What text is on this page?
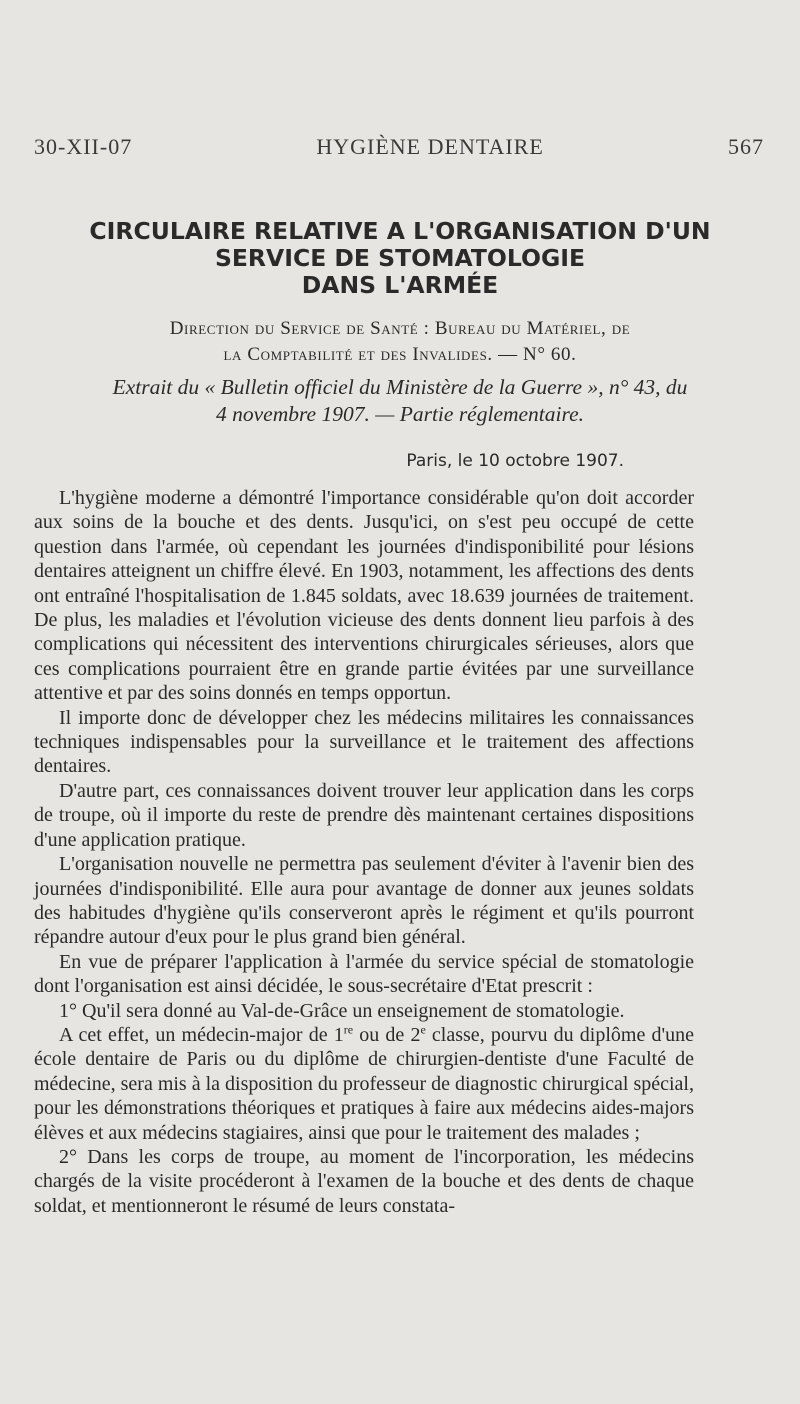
30-XII-07	HYGIÈNE DENTAIRE	567
CIRCULAIRE RELATIVE A L'ORGANISATION D'UN
SERVICE DE STOMATOLOGIE
DANS L'ARMÉE
Direction du Service de Santé : Bureau du Matériel, de
la Comptabilité et des Invalides. — N° 60.
Extrait du « Bulletin officiel du Ministère de la Guerre », n° 43, du
4 novembre 1907. — Partie réglementaire.
Paris, le 10 octobre 1907.

L'hygiène moderne a démontré l'importance considérable qu'on doit accorder aux soins de la bouche et des dents. Jusqu'ici, on s'est peu occupé de cette question dans l'armée, où cependant les journées d'indisponibilité pour lésions dentaires atteignent un chiffre élevé. En 1903, notamment, les affections des dents ont entraîné l'hospitalisation de 1.845 soldats, avec 18.639 journées de traitement. De plus, les maladies et l'évolution vicieuse des dents donnent lieu parfois à des complications qui nécessitent des interventions chirurgicales sérieuses, alors que ces complications pourraient être en grande partie évitées par une surveillance attentive et par des soins donnés en temps opportun.

Il importe donc de développer chez les médecins militaires les connaissances techniques indispensables pour la surveillance et le traitement des affections dentaires.

D'autre part, ces connaissances doivent trouver leur application dans les corps de troupe, où il importe du reste de prendre dès maintenant certaines dispositions d'une application pratique.

L'organisation nouvelle ne permettra pas seulement d'éviter à l'avenir bien des journées d'indisponibilité. Elle aura pour avantage de donner aux jeunes soldats des habitudes d'hygiène qu'ils conserveront après le régiment et qu'ils pourront répandre autour d'eux pour le plus grand bien général.

En vue de préparer l'application à l'armée du service spécial de stomatologie dont l'organisation est ainsi décidée, le sous-secrétaire d'Etat prescrit :

1° Qu'il sera donné au Val-de-Grâce un enseignement de stomatologie.

A cet effet, un médecin-major de 1re ou de 2e classe, pourvu du diplôme d'une école dentaire de Paris ou du diplôme de chirurgien-dentiste d'une Faculté de médecine, sera mis à la disposition du professeur de diagnostic chirurgical spécial, pour les démonstrations théoriques et pratiques à faire aux médecins aides-majors élèves et aux médecins stagiaires, ainsi que pour le traitement des malades ;

2° Dans les corps de troupe, au moment de l'incorporation, les médecins chargés de la visite procéderont à l'examen de la bouche et des dents de chaque soldat, et mentionneront le résumé de leurs constata-
